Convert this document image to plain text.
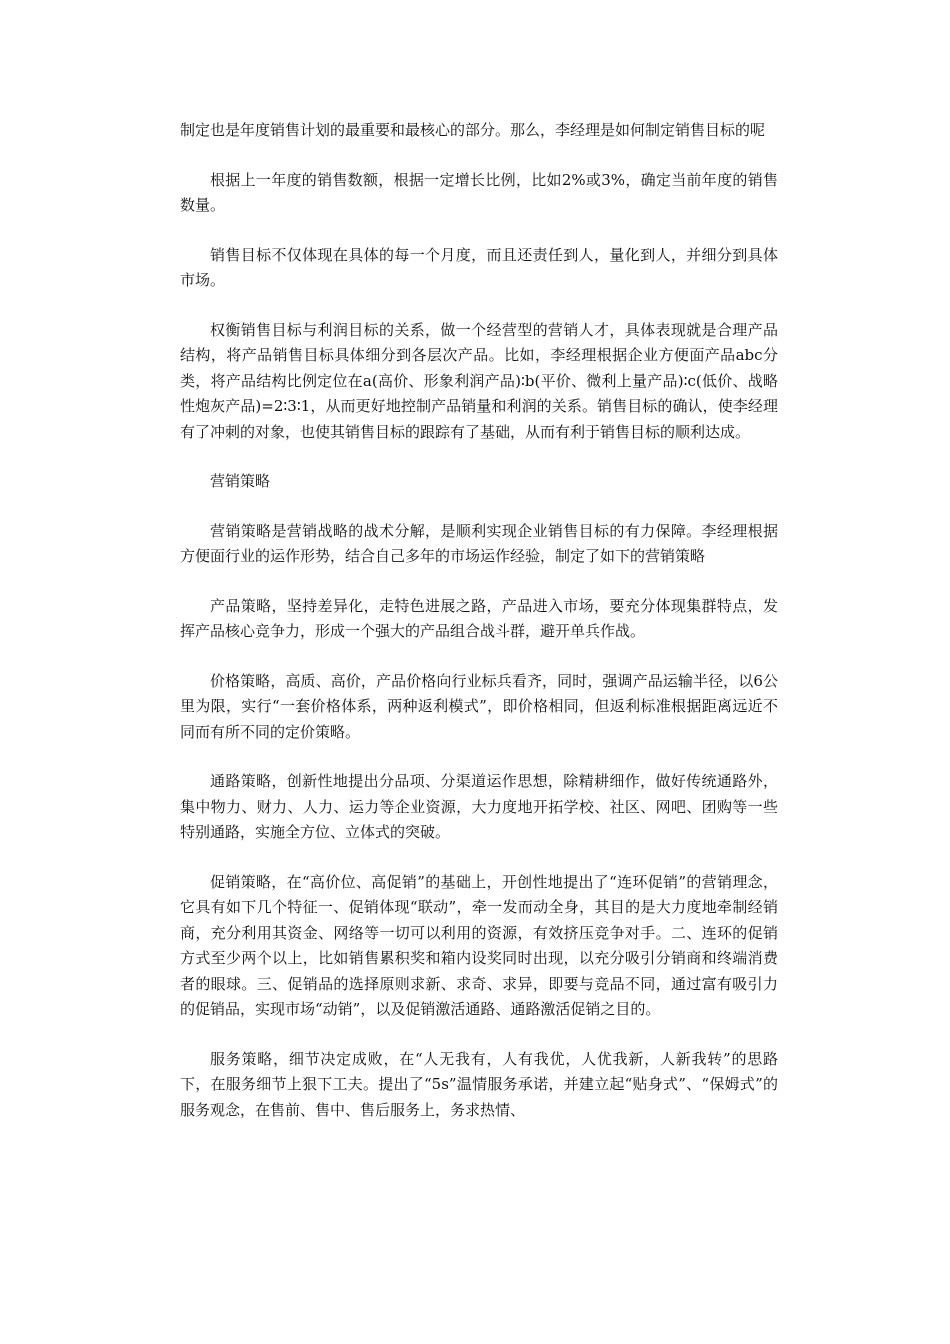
制定也是年度销售计划的最重要和最核心的部分。那么，李经理是如何制定销售目标的呢

根据上一年度的销售数额，根据一定增长比例，比如2%或3%，确定当前年度的销售数量。

销售目标不仅体现在具体的每一个月度，而且还责任到人，量化到人，并细分到具体市场。

权衡销售目标与利润目标的关系，做一个经营型的营销人才，具体表现就是合理产品结构，将产品销售目标具体细分到各层次产品。比如，李经理根据企业方便面产品abc分类，将产品结构比例定位在a(高价、形象利润产品)∶b(平价、微利上量产品)∶c(低价、战略性炮灰产品)=2∶3∶1，从而更好地控制产品销量和利润的关系。销售目标的确认，使李经理有了冲刺的对象，也使其销售目标的跟踪有了基础，从而有利于销售目标的顺利达成。

营销策略

营销策略是营销战略的战术分解，是顺利实现企业销售目标的有力保障。李经理根据方便面行业的运作形势，结合自己多年的市场运作经验，制定了如下的营销策略

产品策略，坚持差异化，走特色进展之路，产品进入市场，要充分体现集群特点，发挥产品核心竞争力，形成一个强大的产品组合战斗群，避开单兵作战。

价格策略，高质、高价，产品价格向行业标兵看齐，同时，强调产品运输半径，以6公里为限，实行“一套价格体系，两种返利模式”，即价格相同，但返利标准根据距离远近不同而有所不同的定价策略。

通路策略，创新性地提出分品项、分渠道运作思想，除精耕细作，做好传统通路外，集中物力、财力、人力、运力等企业资源，大力度地开拓学校、社区、网吧、团购等一些特别通路，实施全方位、立体式的突破。

促销策略，在“高价位、高促销”的基础上，开创性地提出了“连环促销”的营销理念，它具有如下几个特征一、促销体现“联动”，牵一发而动全身，其目的是大力度地牵制经销商，充分利用其资金、网络等一切可以利用的资源，有效挤压竞争对手。二、连环的促销方式至少两个以上，比如销售累积奖和箱内设奖同时出现，以充分吸引分销商和终端消费者的眼球。三、促销品的选择原则求新、求奇、求异，即要与竞品不同，通过富有吸引力的促销品，实现市场“动销”，以及促销激活通路、通路激活促销之目的。

服务策略，细节决定成败，在“人无我有，人有我优，人优我新，人新我转”的思路下，在服务细节上狠下工夫。提出了“5s”温情服务承诺，并建立起“贴身式”、“保姆式”的服务观念，在售前、售中、售后服务上，务求热情、
